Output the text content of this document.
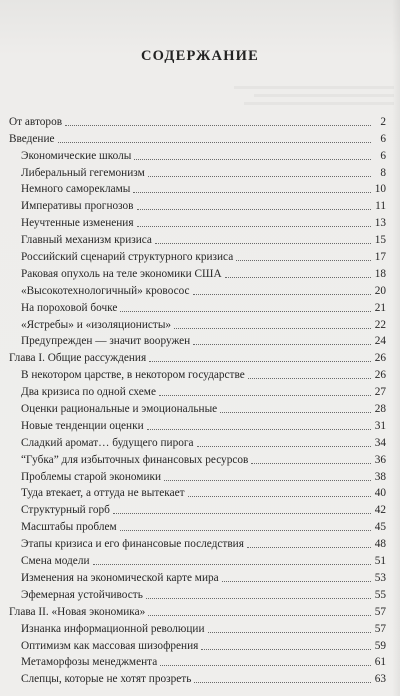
СОДЕРЖАНИЕ
От авторов	2
Введение	6
Экономические школы	6
Либеральный гегемонизм	8
Немного саморекламы	10
Императивы прогнозов	11
Неучтенные изменения	13
Главный механизм кризиса	15
Российский сценарий структурного кризиса	17
Раковая опухоль на теле экономики США	18
«Высокотехнологичный» кровосос	20
На пороховой бочке	21
«Ястребы» и «изоляционисты»	22
Предупрежден — значит вооружен	24
Глава I. Общие рассуждения	26
В некотором царстве, в некотором государстве	26
Два кризиса по одной схеме	27
Оценки рациональные и эмоциональные	28
Новые тенденции оценки	31
Сладкий аромат… будущего пирога	34
“Губка” для избыточных финансовых ресурсов	36
Проблемы старой экономики	38
Туда втекает, а оттуда не вытекает	40
Структурный горб	42
Масштабы проблем	45
Этапы кризиса и его финансовые последствия	48
Смена модели	51
Изменения на экономической карте мира	53
Эфемерная устойчивость	55
Глава II. «Новая экономика»	57
Изнанка информационной революции	57
Оптимизм как массовая шизофрения	59
Метаморфозы менеджмента	61
Слепцы, которые не хотят прозреть	63
